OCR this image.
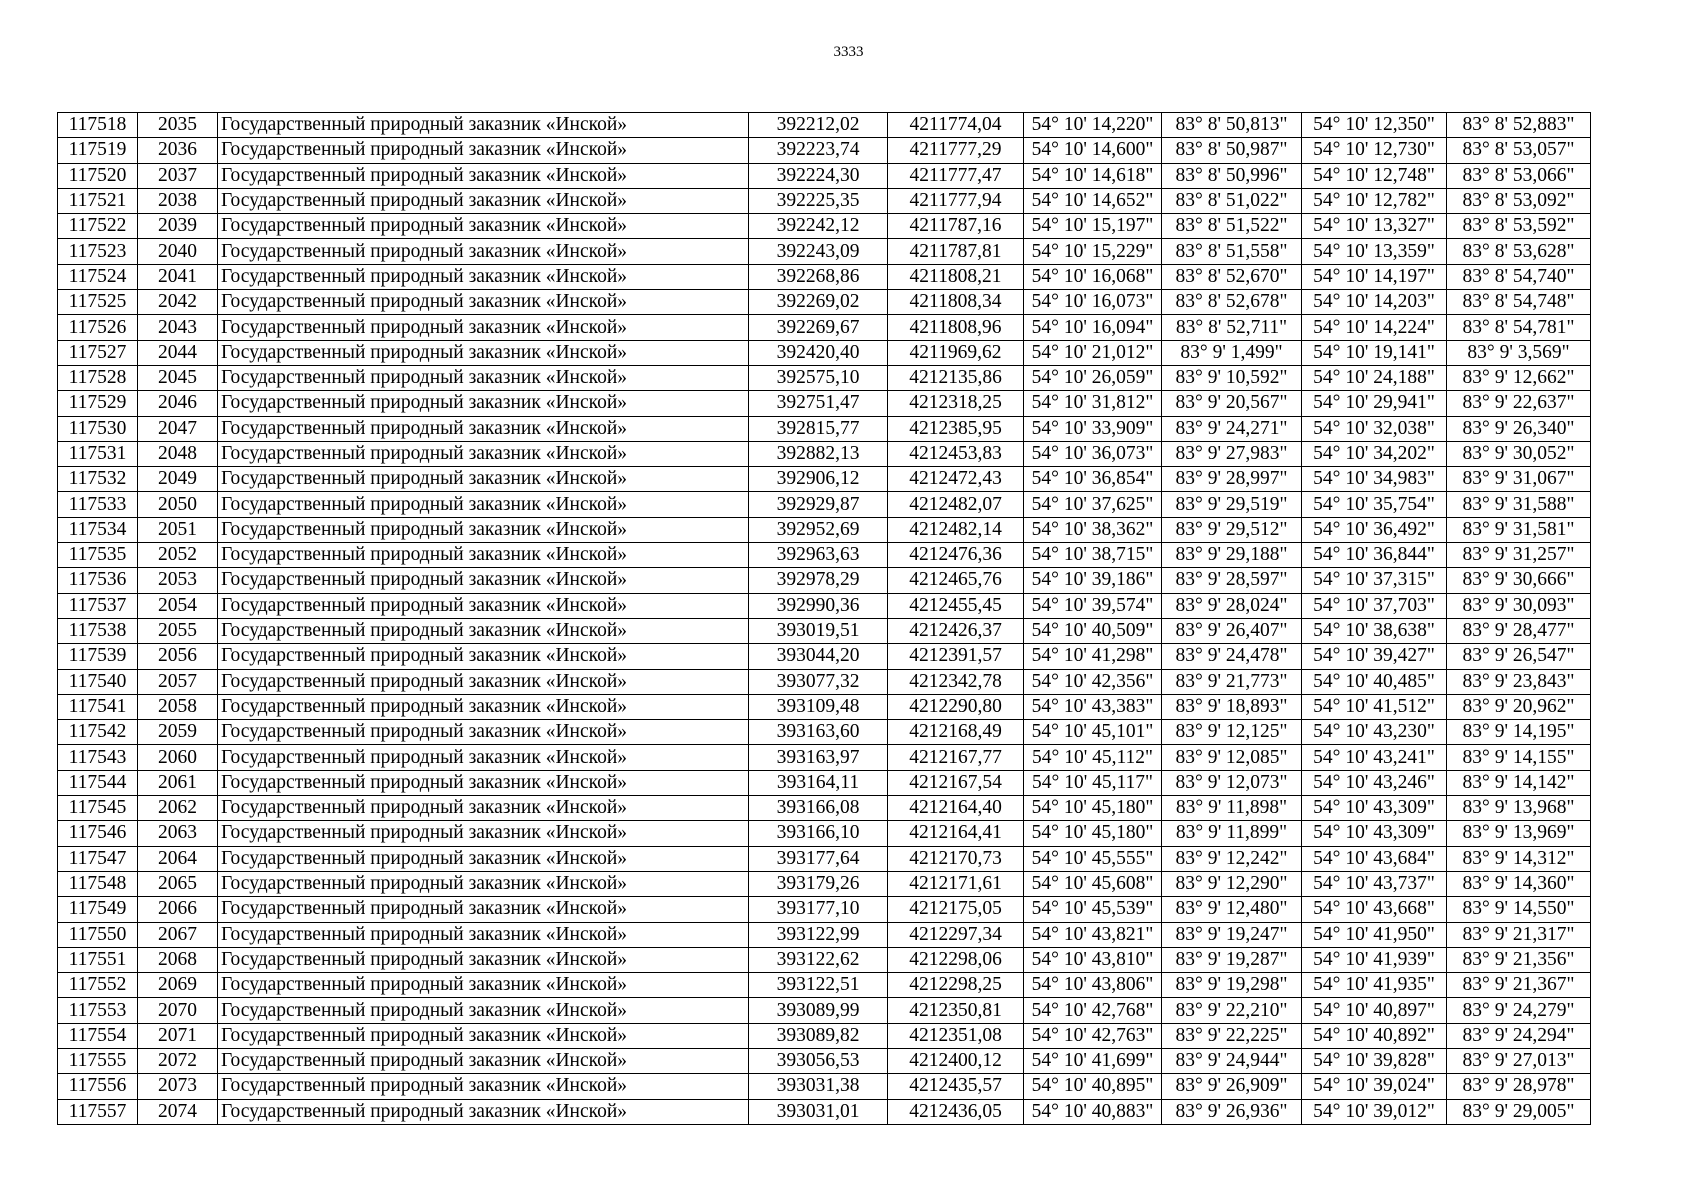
3333
117518	2035	Государственный природный заказник «Инской»	392212,02	4211774,04	54° 10' 14,220"	83° 8' 50,813"	54° 10' 12,350"	83° 8' 52,883"
117519	2036	Государственный природный заказник «Инской»	392223,74	4211777,29	54° 10' 14,600"	83° 8' 50,987"	54° 10' 12,730"	83° 8' 53,057"
117520	2037	Государственный природный заказник «Инской»	392224,30	4211777,47	54° 10' 14,618"	83° 8' 50,996"	54° 10' 12,748"	83° 8' 53,066"
117521	2038	Государственный природный заказник «Инской»	392225,35	4211777,94	54° 10' 14,652"	83° 8' 51,022"	54° 10' 12,782"	83° 8' 53,092"
117522	2039	Государственный природный заказник «Инской»	392242,12	4211787,16	54° 10' 15,197"	83° 8' 51,522"	54° 10' 13,327"	83° 8' 53,592"
117523	2040	Государственный природный заказник «Инской»	392243,09	4211787,81	54° 10' 15,229"	83° 8' 51,558"	54° 10' 13,359"	83° 8' 53,628"
117524	2041	Государственный природный заказник «Инской»	392268,86	4211808,21	54° 10' 16,068"	83° 8' 52,670"	54° 10' 14,197"	83° 8' 54,740"
117525	2042	Государственный природный заказник «Инской»	392269,02	4211808,34	54° 10' 16,073"	83° 8' 52,678"	54° 10' 14,203"	83° 8' 54,748"
117526	2043	Государственный природный заказник «Инской»	392269,67	4211808,96	54° 10' 16,094"	83° 8' 52,711"	54° 10' 14,224"	83° 8' 54,781"
117527	2044	Государственный природный заказник «Инской»	392420,40	4211969,62	54° 10' 21,012"	83° 9' 1,499"	54° 10' 19,141"	83° 9' 3,569"
117528	2045	Государственный природный заказник «Инской»	392575,10	4212135,86	54° 10' 26,059"	83° 9' 10,592"	54° 10' 24,188"	83° 9' 12,662"
117529	2046	Государственный природный заказник «Инской»	392751,47	4212318,25	54° 10' 31,812"	83° 9' 20,567"	54° 10' 29,941"	83° 9' 22,637"
117530	2047	Государственный природный заказник «Инской»	392815,77	4212385,95	54° 10' 33,909"	83° 9' 24,271"	54° 10' 32,038"	83° 9' 26,340"
117531	2048	Государственный природный заказник «Инской»	392882,13	4212453,83	54° 10' 36,073"	83° 9' 27,983"	54° 10' 34,202"	83° 9' 30,052"
117532	2049	Государственный природный заказник «Инской»	392906,12	4212472,43	54° 10' 36,854"	83° 9' 28,997"	54° 10' 34,983"	83° 9' 31,067"
117533	2050	Государственный природный заказник «Инской»	392929,87	4212482,07	54° 10' 37,625"	83° 9' 29,519"	54° 10' 35,754"	83° 9' 31,588"
117534	2051	Государственный природный заказник «Инской»	392952,69	4212482,14	54° 10' 38,362"	83° 9' 29,512"	54° 10' 36,492"	83° 9' 31,581"
117535	2052	Государственный природный заказник «Инской»	392963,63	4212476,36	54° 10' 38,715"	83° 9' 29,188"	54° 10' 36,844"	83° 9' 31,257"
117536	2053	Государственный природный заказник «Инской»	392978,29	4212465,76	54° 10' 39,186"	83° 9' 28,597"	54° 10' 37,315"	83° 9' 30,666"
117537	2054	Государственный природный заказник «Инской»	392990,36	4212455,45	54° 10' 39,574"	83° 9' 28,024"	54° 10' 37,703"	83° 9' 30,093"
117538	2055	Государственный природный заказник «Инской»	393019,51	4212426,37	54° 10' 40,509"	83° 9' 26,407"	54° 10' 38,638"	83° 9' 28,477"
117539	2056	Государственный природный заказник «Инской»	393044,20	4212391,57	54° 10' 41,298"	83° 9' 24,478"	54° 10' 39,427"	83° 9' 26,547"
117540	2057	Государственный природный заказник «Инской»	393077,32	4212342,78	54° 10' 42,356"	83° 9' 21,773"	54° 10' 40,485"	83° 9' 23,843"
117541	2058	Государственный природный заказник «Инской»	393109,48	4212290,80	54° 10' 43,383"	83° 9' 18,893"	54° 10' 41,512"	83° 9' 20,962"
117542	2059	Государственный природный заказник «Инской»	393163,60	4212168,49	54° 10' 45,101"	83° 9' 12,125"	54° 10' 43,230"	83° 9' 14,195"
117543	2060	Государственный природный заказник «Инской»	393163,97	4212167,77	54° 10' 45,112"	83° 9' 12,085"	54° 10' 43,241"	83° 9' 14,155"
117544	2061	Государственный природный заказник «Инской»	393164,11	4212167,54	54° 10' 45,117"	83° 9' 12,073"	54° 10' 43,246"	83° 9' 14,142"
117545	2062	Государственный природный заказник «Инской»	393166,08	4212164,40	54° 10' 45,180"	83° 9' 11,898"	54° 10' 43,309"	83° 9' 13,968"
117546	2063	Государственный природный заказник «Инской»	393166,10	4212164,41	54° 10' 45,180"	83° 9' 11,899"	54° 10' 43,309"	83° 9' 13,969"
117547	2064	Государственный природный заказник «Инской»	393177,64	4212170,73	54° 10' 45,555"	83° 9' 12,242"	54° 10' 43,684"	83° 9' 14,312"
117548	2065	Государственный природный заказник «Инской»	393179,26	4212171,61	54° 10' 45,608"	83° 9' 12,290"	54° 10' 43,737"	83° 9' 14,360"
117549	2066	Государственный природный заказник «Инской»	393177,10	4212175,05	54° 10' 45,539"	83° 9' 12,480"	54° 10' 43,668"	83° 9' 14,550"
117550	2067	Государственный природный заказник «Инской»	393122,99	4212297,34	54° 10' 43,821"	83° 9' 19,247"	54° 10' 41,950"	83° 9' 21,317"
117551	2068	Государственный природный заказник «Инской»	393122,62	4212298,06	54° 10' 43,810"	83° 9' 19,287"	54° 10' 41,939"	83° 9' 21,356"
117552	2069	Государственный природный заказник «Инской»	393122,51	4212298,25	54° 10' 43,806"	83° 9' 19,298"	54° 10' 41,935"	83° 9' 21,367"
117553	2070	Государственный природный заказник «Инской»	393089,99	4212350,81	54° 10' 42,768"	83° 9' 22,210"	54° 10' 40,897"	83° 9' 24,279"
117554	2071	Государственный природный заказник «Инской»	393089,82	4212351,08	54° 10' 42,763"	83° 9' 22,225"	54° 10' 40,892"	83° 9' 24,294"
117555	2072	Государственный природный заказник «Инской»	393056,53	4212400,12	54° 10' 41,699"	83° 9' 24,944"	54° 10' 39,828"	83° 9' 27,013"
117556	2073	Государственный природный заказник «Инской»	393031,38	4212435,57	54° 10' 40,895"	83° 9' 26,909"	54° 10' 39,024"	83° 9' 28,978"
117557	2074	Государственный природный заказник «Инской»	393031,01	4212436,05	54° 10' 40,883"	83° 9' 26,936"	54° 10' 39,012"	83° 9' 29,005"
